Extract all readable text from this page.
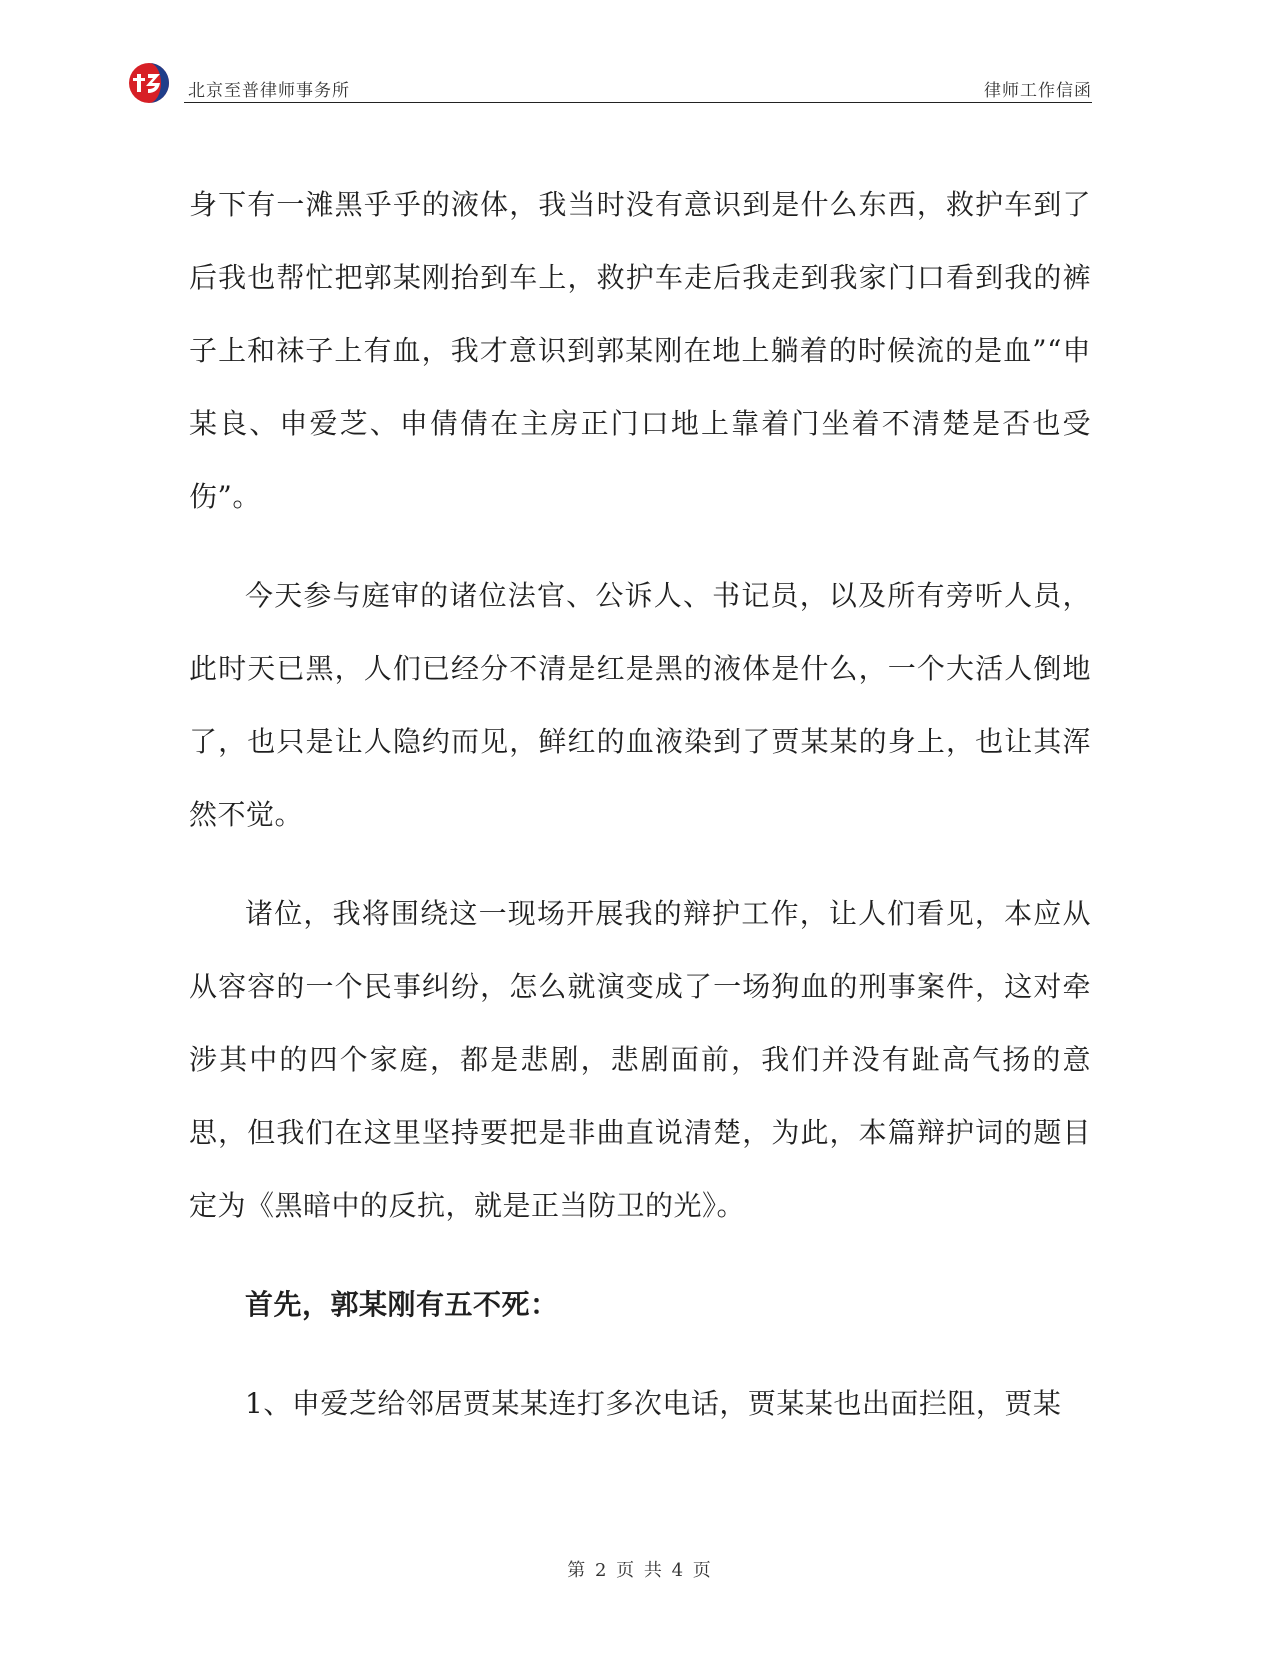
北京至普律师事务所	律师工作信函

身下有一滩黑乎乎的液体，我当时没有意识到是什么东西，救护车到了后我也帮忙把郭某刚抬到车上，救护车走后我走到我家门口看到我的裤子上和袜子上有血，我才意识到郭某刚在地上躺着的时候流的是血”“申某良、申爱芝、申倩倩在主房正门口地上靠着门坐着不清楚是否也受伤”。

今天参与庭审的诸位法官、公诉人、书记员，以及所有旁听人员，此时天已黑，人们已经分不清是红是黑的液体是什么，一个大活人倒地了，也只是让人隐约而见，鲜红的血液染到了贾某某的身上，也让其浑然不觉。

诸位，我将围绕这一现场开展我的辩护工作，让人们看见，本应从从容容的一个民事纠纷，怎么就演变成了一场狗血的刑事案件，这对牵涉其中的四个家庭，都是悲剧，悲剧面前，我们并没有趾高气扬的意思，但我们在这里坚持要把是非曲直说清楚，为此，本篇辩护词的题目定为《黑暗中的反抗，就是正当防卫的光》。

首先，郭某刚有五不死：

1、申爱芝给邻居贾某某连打多次电话，贾某某也出面拦阻，贾某

第 2 页 共 4 页
